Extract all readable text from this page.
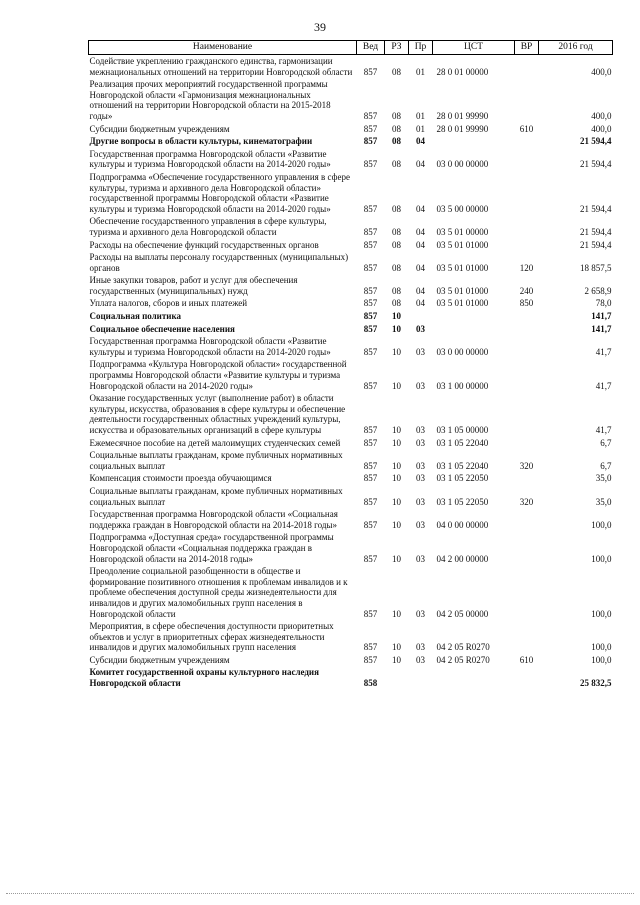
39
Наименование	Вед	РЗ	Пр	ЦСТ	ВР	2016 год
Содействие укреплению гражданского единства, гармонизации межнациональных отношений на территории Новгородской области	857	08	01	28 0 01 00000		400,0
Реализация прочих мероприятий государственной программы Новгородской области «Гармонизация межнациональных отношений на территории Новгородской области на 2015-2018 годы»	857	08	01	28 0 01 99990		400,0
Субсидии бюджетным учреждениям	857	08	01	28 0 01 99990	610	400,0
Другие вопросы в области культуры, кинематографии	857	08	04			21 594,4
Государственная программа Новгородской области «Развитие культуры и туризма Новгородской области на 2014-2020 годы»	857	08	04	03 0 00 00000		21 594,4
Подпрограмма «Обеспечение государственного управления в сфере культуры, туризма и архивного дела Новгородской области» государственной программы Новгородской области «Развитие культуры и туризма Новгородской области на 2014-2020 годы»	857	08	04	03 5 00 00000		21 594,4
Обеспечение государственного управления в сфере культуры, туризма и архивного дела Новгородской области	857	08	04	03 5 01 00000		21 594,4
Расходы на обеспечение функций государственных органов	857	08	04	03 5 01 01000		21 594,4
Расходы на выплаты персоналу государственных (муниципальных) органов	857	08	04	03 5 01 01000	120	18 857,5
Иные закупки товаров, работ и услуг для обеспечения государственных (муниципальных) нужд	857	08	04	03 5 01 01000	240	2 658,9
Уплата налогов, сборов и иных платежей	857	08	04	03 5 01 01000	850	78,0
Социальная политика	857	10				141,7
Социальное обеспечение населения	857	10	03			141,7
Государственная программа Новгородской области «Развитие культуры и туризма Новгородской области на 2014-2020 годы»	857	10	03	03 0 00 00000		41,7
Подпрограмма «Культура Новгородской области» государственной программы Новгородской области «Развитие культуры и туризма Новгородской области на 2014-2020 годы»	857	10	03	03 1 00 00000		41,7
Оказание государственных услуг (выполнение работ) в области культуры, искусства, образования в сфере культуры и обеспечение деятельности государственных областных учреждений культуры, искусства и образовательных организаций в сфере культуры	857	10	03	03 1 05 00000		41,7
Ежемесячное пособие на детей малоимущих студенческих семей	857	10	03	03 1 05 22040		6,7
Социальные выплаты гражданам, кроме публичных нормативных социальных выплат	857	10	03	03 1 05 22040	320	6,7
Компенсация стоимости проезда обучающимся	857	10	03	03 1 05 22050		35,0
Социальные выплаты гражданам, кроме публичных нормативных социальных выплат	857	10	03	03 1 05 22050	320	35,0
Государственная программа Новгородской области «Социальная поддержка граждан в Новгородской области на 2014-2018 годы»	857	10	03	04 0 00 00000		100,0
Подпрограмма «Доступная среда» государственной программы Новгородской области «Социальная поддержка граждан в Новгородской области на 2014-2018 годы»	857	10	03	04 2 00 00000		100,0
Преодоление социальной разобщенности в обществе и формирование позитивного отношения к проблемам инвалидов и к проблеме обеспечения доступной среды жизнедеятельности для инвалидов и других маломобильных групп населения в Новгородской области	857	10	03	04 2 05 00000		100,0
Мероприятия, в сфере обеспечения доступности приоритетных объектов и услуг в приоритетных сферах жизнедеятельности инвалидов и других маломобильных групп населения	857	10	03	04 2 05 R0270		100,0
Субсидии бюджетным учреждениям	857	10	03	04 2 05 R0270	610	100,0
Комитет государственной охраны культурного наследия Новгородской области	858					25 832,5
